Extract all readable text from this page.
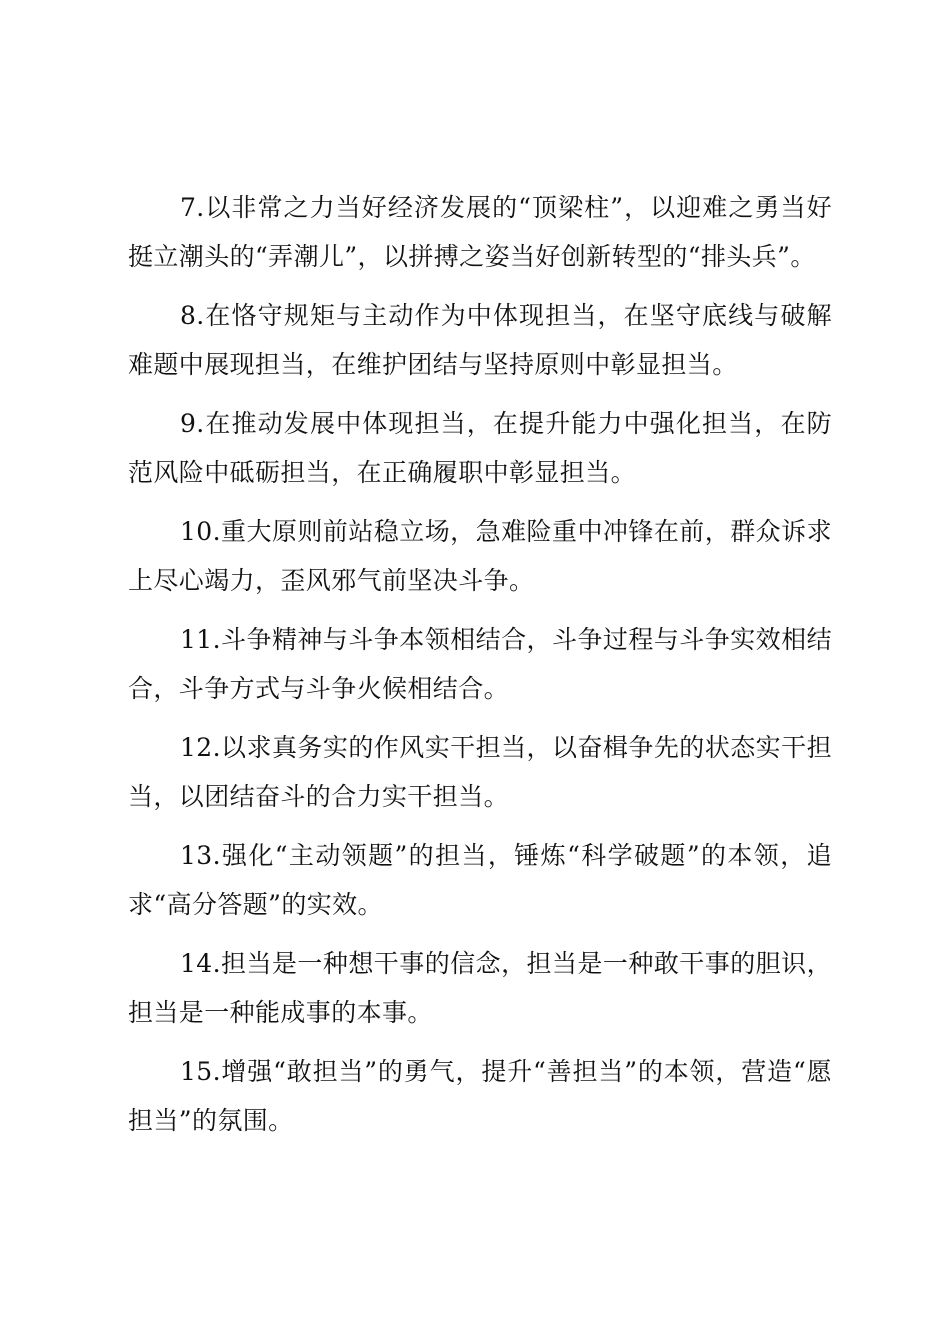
7.以非常之力当好经济发展的“顶梁柱”，以迎难之勇当好挺立潮头的“弄潮儿”，以拼搏之姿当好创新转型的“排头兵”。

8.在恪守规矩与主动作为中体现担当，在坚守底线与破解难题中展现担当，在维护团结与坚持原则中彰显担当。

9.在推动发展中体现担当，在提升能力中强化担当，在防范风险中砥砺担当，在正确履职中彰显担当。

10.重大原则前站稳立场，急难险重中冲锋在前，群众诉求上尽心竭力，歪风邪气前坚决斗争。

11.斗争精神与斗争本领相结合，斗争过程与斗争实效相结合，斗争方式与斗争火候相结合。

12.以求真务实的作风实干担当，以奋楫争先的状态实干担当，以团结奋斗的合力实干担当。

13.强化“主动领题”的担当，锤炼“科学破题”的本领，追求“高分答题”的实效。

14.担当是一种想干事的信念，担当是一种敢干事的胆识，担当是一种能成事的本事。

15.增强“敢担当”的勇气，提升“善担当”的本领，营造“愿担当”的氛围。
